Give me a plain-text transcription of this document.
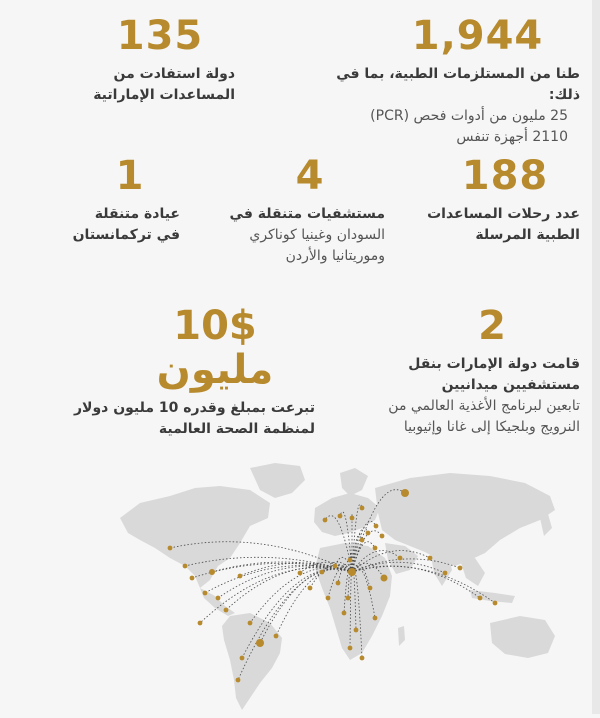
1,944
طنا من المستلزمات الطبية، بما في ذلك:
25 مليون من أدوات فحص (PCR)
2110 أجهزة تنفس
135
دولة استفادت من
المساعدات الإماراتية
188
عدد رحلات المساعدات
الطبية المرسلة
4
مستشفيات متنقلة في
السودان وغينيا كوناكري
وموريتانيا والأردن
1
عيادة متنقلة
في تركمانستان
2
قامت دولة الإمارات بنقل
مستشفيين ميدانيين
تابعين لبرنامج الأغذية العالمي من
النرويج وبلجيكا إلى غانا وإثيوبيا
10$ مليون
تبرعت بمبلغ وقدره 10 مليون دولار
لمنظمة الصحة العالمية
